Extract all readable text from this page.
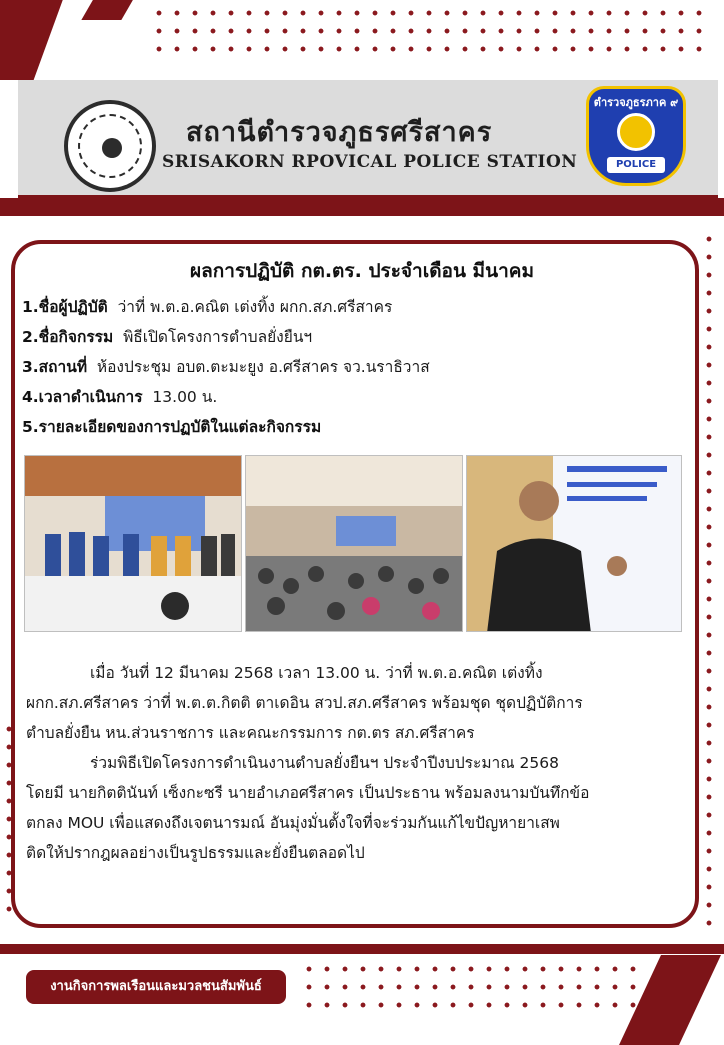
สถานีตำรวจภูธรศรีสาคร
SRISAKORN RPOVICAL POLICE STATION
ตำรวจภูธรภาค ๙
POLICE
ผลการปฏิบัติ กต.ตร. ประจำเดือน มีนาคม
1.ชื่อผู้ปฏิบัติ ว่าที่ พ.ต.อ.คณิต เต่งทิ้ง ผกก.สภ.ศรีสาคร
2.ชื่อกิจกรรม พิธีเปิดโครงการตำบลยั่งยืนฯ
3.สถานที่ ห้องประชุม อบต.ตะมะยูง อ.ศรีสาคร จว.นราธิวาส
4.เวลาดำเนินการ 13.00 น.
5.รายละเอียดของการปฏบัติในแต่ละกิจกรรม
เมื่อ วันที่ 12 มีนาคม 2568 เวลา 13.00 น. ว่าที่ พ.ต.อ.คณิต เต่งทิ้ง
ผกก.สภ.ศรีสาคร ว่าที่ พ.ต.ต.กิตติ ตาเดอิน สวป.สภ.ศรีสาคร พร้อมชุด ชุดปฏิบัติการ
ตำบลยั่งยืน หน.ส่วนราชการ และคณะกรรมการ กต.ตร สภ.ศรีสาคร
ร่วมพิธีเปิดโครงการดำเนินงานตำบลยั่งยืนฯ ประจำปีงบประมาณ 2568
โดยมี นายกิตตินันท์ เซ็งกะซรี นายอำเภอศรีสาคร เป็นประธาน พร้อมลงนามบันทึกข้อ
ตกลง MOU เพื่อแสดงถึงเจตนารมณ์ อันมุ่งมั่นตั้งใจที่จะร่วมกันแก้ไขปัญหายาเสพ
ติดให้ปรากฎผลอย่างเป็นรูปธรรมและยั่งยืนตลอดไป
งานกิจการพลเรือนและมวลชนสัมพันธ์
